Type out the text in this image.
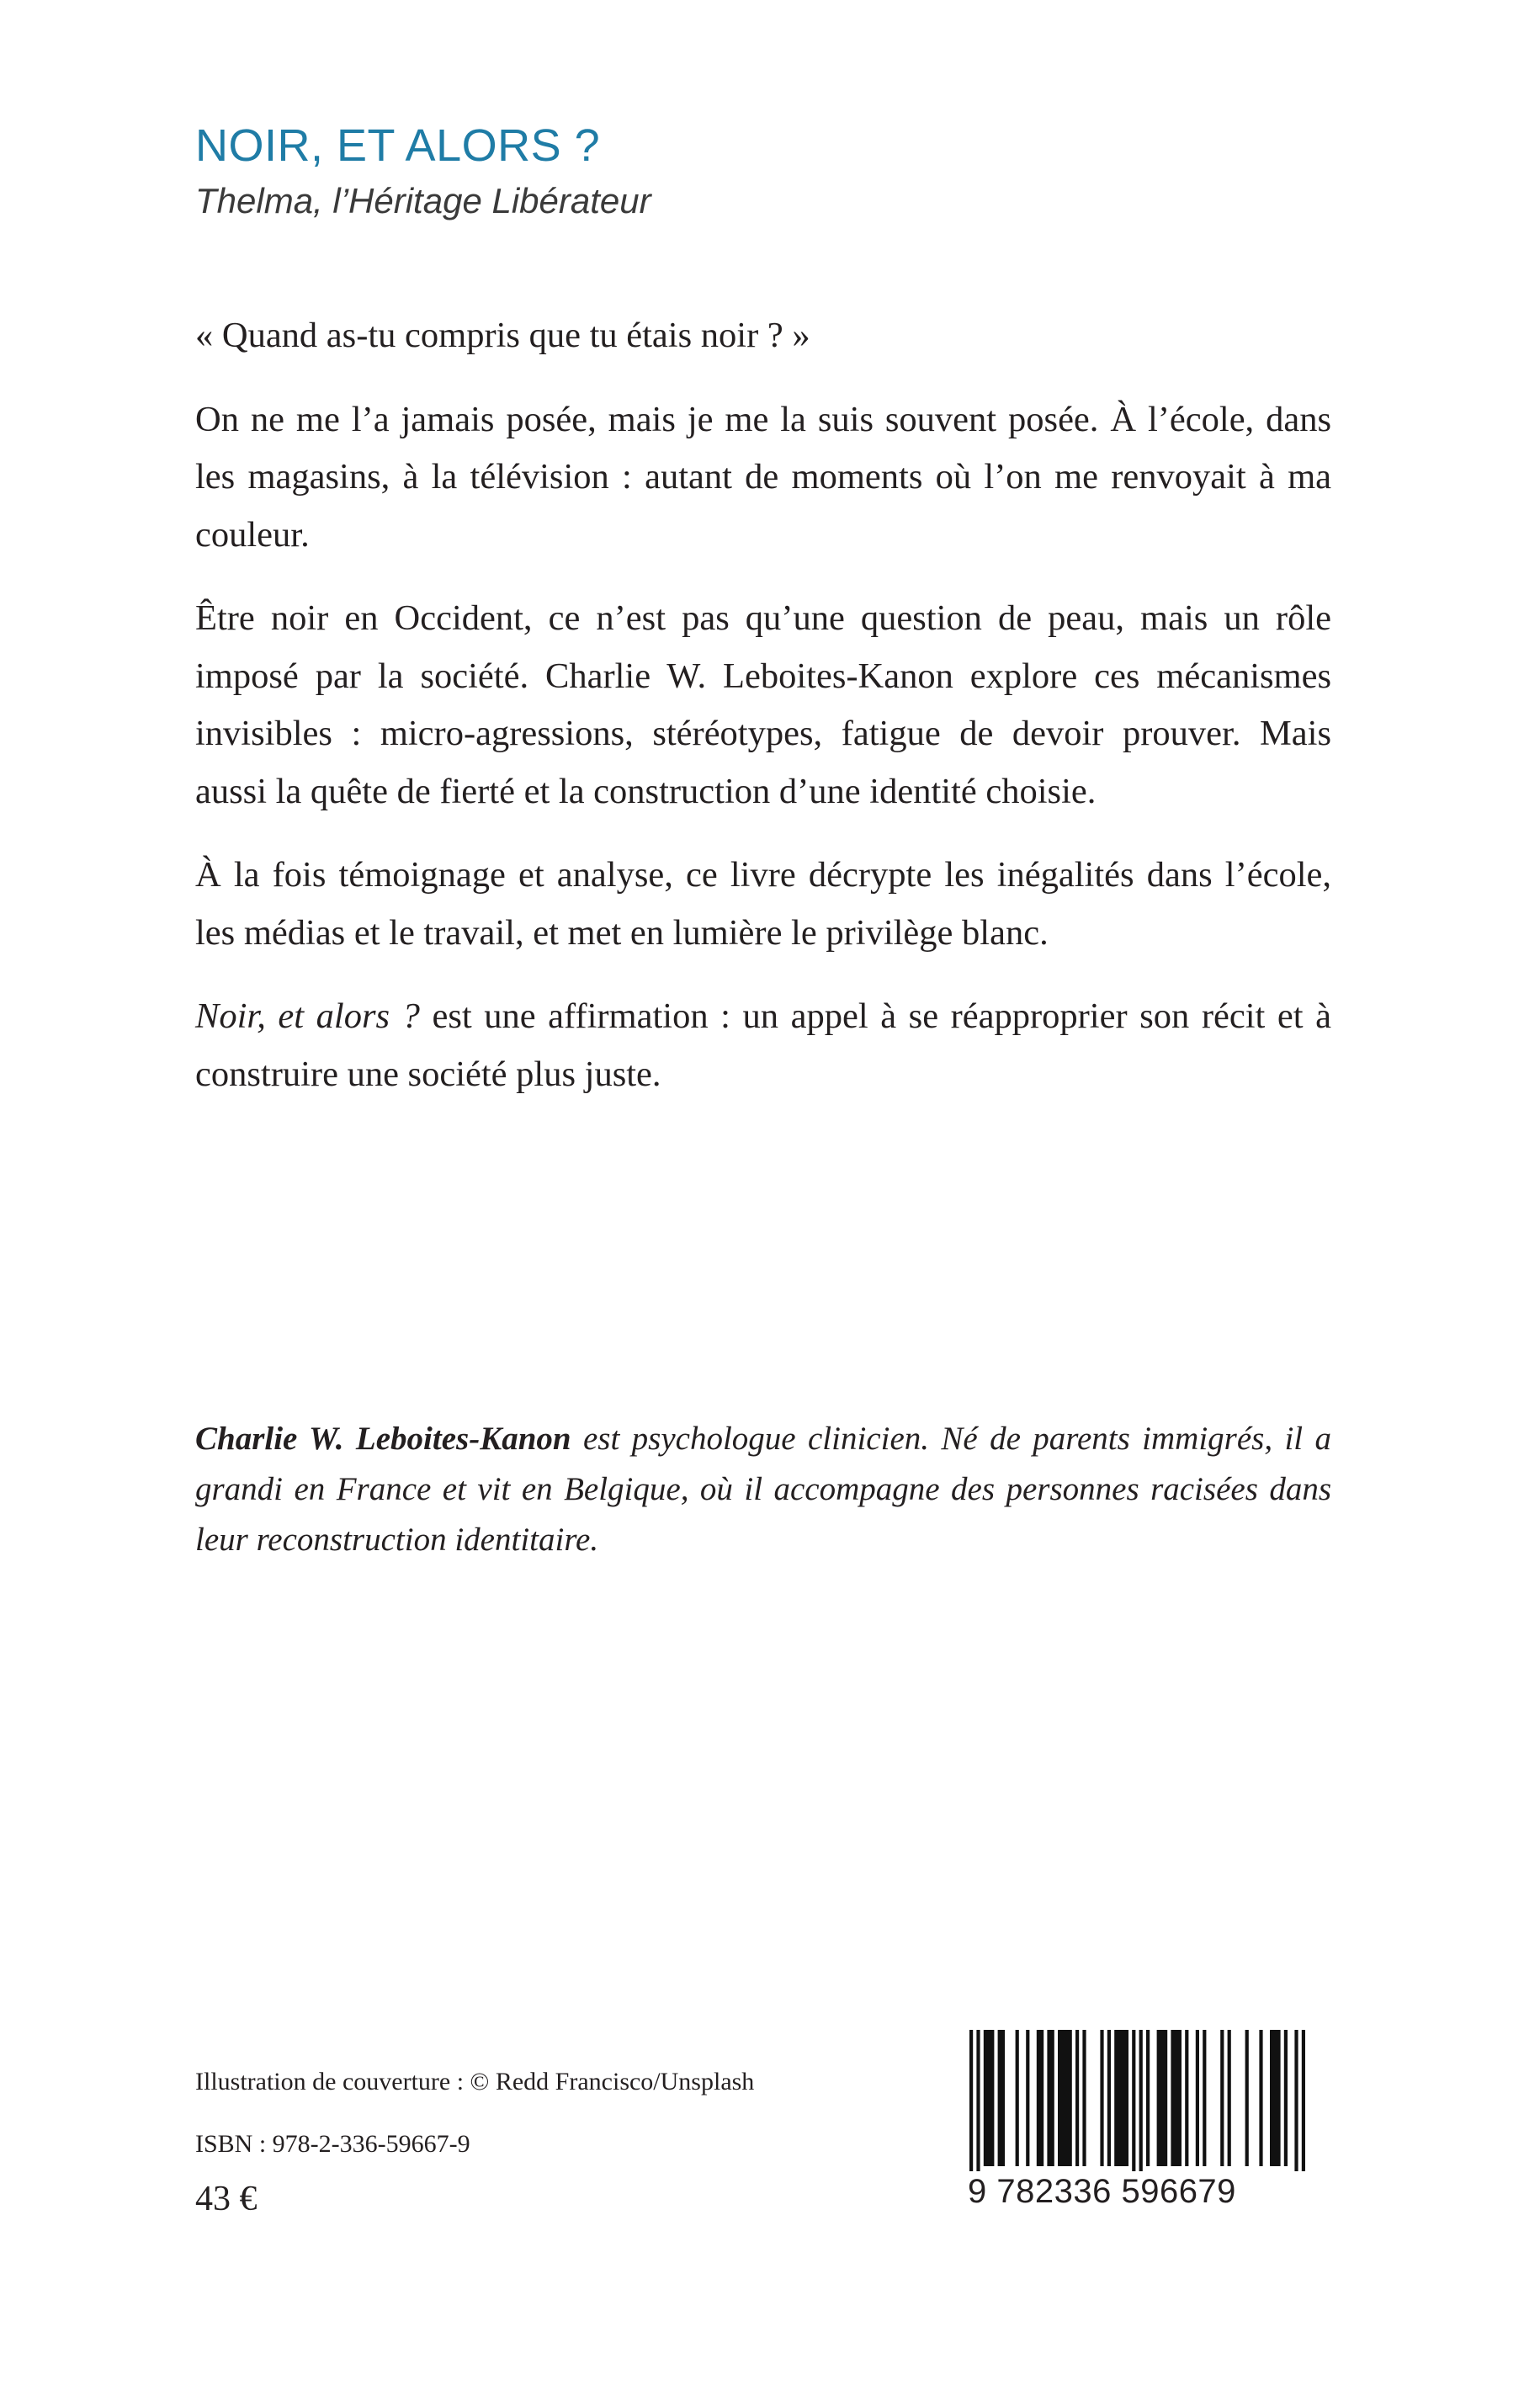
NOIR, ET ALORS ?
Thelma, l’Héritage Libérateur

« Quand as-tu compris que tu étais noir ? »

On ne me l’a jamais posée, mais je me la suis souvent posée. À l’école, dans les magasins, à la télévision : autant de moments où l’on me renvoyait à ma couleur.

Être noir en Occident, ce n’est pas qu’une question de peau, mais un rôle imposé par la société. Charlie W. Leboites-Kanon explore ces mécanismes invisibles : micro-agressions, stéréotypes, fatigue de devoir prouver. Mais aussi la quête de fierté et la construction d’une identité choisie.

À la fois témoignage et analyse, ce livre décrypte les inégalités dans l’école, les médias et le travail, et met en lumière le privilège blanc.

Noir, et alors ? est une affirmation : un appel à se réapproprier son récit et à construire une société plus juste.

Charlie W. Leboites-Kanon est psychologue clinicien. Né de parents immigrés, il a grandi en France et vit en Belgique, où il accompagne des personnes racisées dans leur reconstruction identitaire.

Illustration de couverture : © Redd Francisco/Unsplash
ISBN : 978-2-336-59667-9
43 €	9 782336 596679
